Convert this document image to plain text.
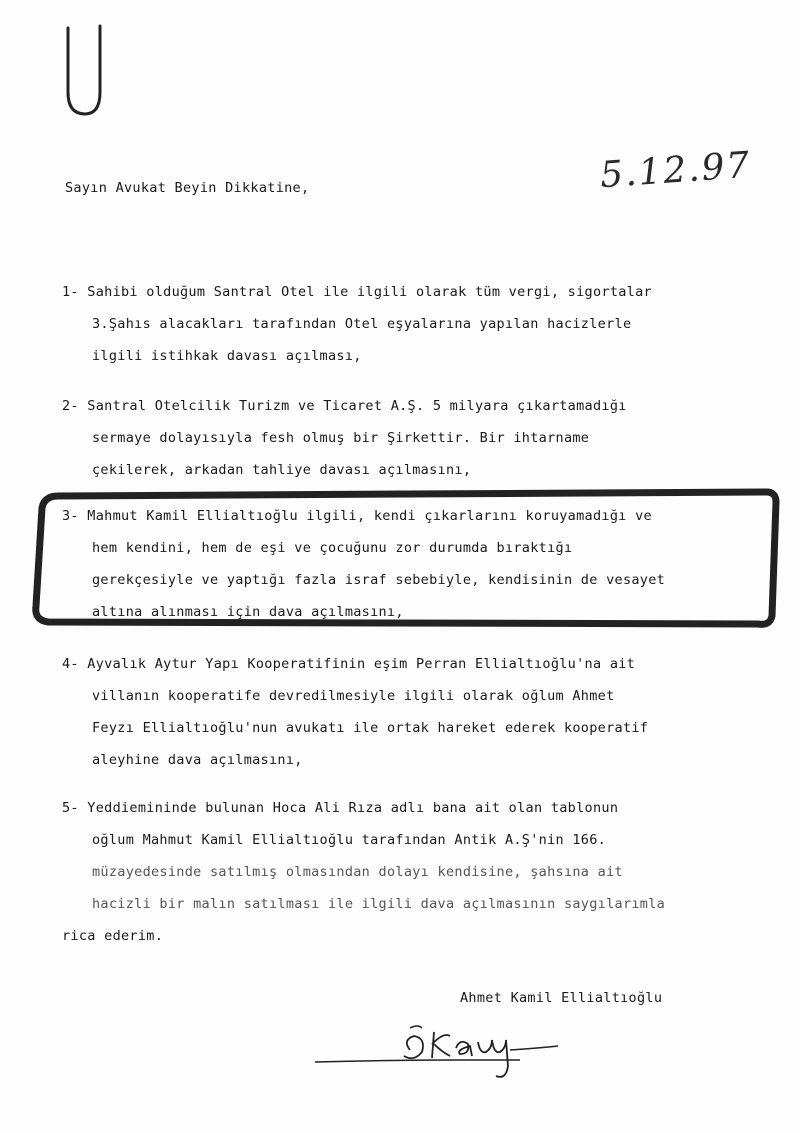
5.12.97
Sayın Avukat Beyin Dikkatine,
1- Sahibi olduğum Santral Otel ile ilgili olarak tüm vergi, sigortalar
3.Şahıs alacakları tarafından Otel eşyalarına yapılan hacizlerle
ilgili istihkak davası açılması,
2- Santral Otelcilik Turizm ve Ticaret A.Ş. 5 milyara çıkartamadığı
sermaye dolayısıyla fesh olmuş bir Şirkettir. Bir ihtarname
çekilerek, arkadan tahliye davası açılmasını,
3- Mahmut Kamil Ellialtıoğlu ilgili, kendi çıkarlarını koruyamadığı ve
hem kendini, hem de eşi ve çocuğunu zor durumda bıraktığı
gerekçesiyle ve yaptığı fazla israf sebebiyle, kendisinin de vesayet
altına alınması için dava açılmasını,
4- Ayvalık Aytur Yapı Kooperatifinin eşim Perran Ellialtıoğlu'na ait
villanın kooperatife devredilmesiyle ilgili olarak oğlum Ahmet
Feyzı Ellialtıoğlu'nun avukatı ile ortak hareket ederek kooperatif
aleyhine dava açılmasını,
5- Yeddiemininde bulunan Hoca Ali Rıza adlı bana ait olan tablonun
oğlum Mahmut Kamil Ellialtıoğlu tarafından Antik A.Ş'nin 166.
müzayedesinde satılmış olmasından dolayı kendisine, şahsına ait
hacizli bir malın satılması ile ilgili dava açılmasının saygılarımla
rica ederim.
Ahmet Kamil Ellialtıoğlu
